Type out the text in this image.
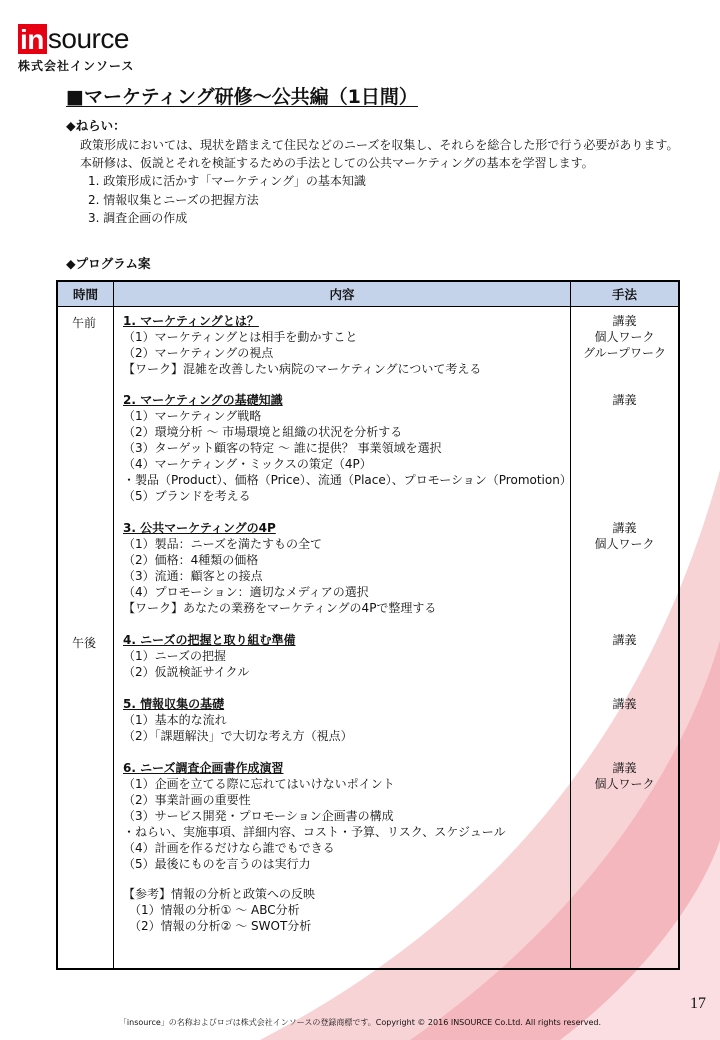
in source
株式会社インソース
■マーケティング研修～公共編（1日間）
◆ねらい：
政策形成においては、現状を踏まえて住民などのニーズを収集し、それらを総合した形で行う必要があります。本研修は、仮説とそれを検証するための手法としての公共マーケティングの基本を学習します。
1. 政策形成に活かす「マーケティング」の基本知識
2. 情報収集とニーズの把握方法
3. 調査企画の作成
◆プログラム案
時間	内容	手法
午前
午後
1. マーケティングとは？
（1）マーケティングとは相手を動かすこと
（2）マーケティングの視点
【ワーク】混雑を改善したい病院のマーケティングについて考える
講義
個人ワーク
グループワーク
2. マーケティングの基礎知識
（1）マーケティング戦略
（2）環境分析 ～ 市場環境と組織の状況を分析する
（3）ターゲット顧客の特定 ～ 誰に提供？ 事業領域を選択
（4）マーケティング・ミックスの策定（4P）
・製品（Product）、価格（Price）、流通（Place）、プロモーション（Promotion）
（5）ブランドを考える
講義
3. 公共マーケティングの4P
（1）製品：ニーズを満たすもの全て
（2）価格：4種類の価格
（3）流通：顧客との接点
（4）プロモーション：適切なメディアの選択
【ワーク】あなたの業務をマーケティングの4Pで整理する
講義
個人ワーク
4. ニーズの把握と取り組む準備
（1）ニーズの把握
（2）仮説検証サイクル
講義
5. 情報収集の基礎
（1）基本的な流れ
（2）「課題解決」で大切な考え方（視点）
講義
6. ニーズ調査企画書作成演習
（1）企画を立てる際に忘れてはいけないポイント
（2）事業計画の重要性
（3）サービス開発・プロモーション企画書の構成
・ねらい、実施事項、詳細内容、コスト・予算、リスク、スケジュール
（4）計画を作るだけなら誰でもできる
（5）最後にものを言うのは実行力
講義
個人ワーク
【参考】情報の分析と政策への反映
（1）情報の分析① ～ ABC分析
（2）情報の分析② ～ SWOT分析
17
「insource」の名称およびロゴは株式会社インソースの登録商標です。Copyright © 2016 INSOURCE Co.Ltd. All rights reserved.
